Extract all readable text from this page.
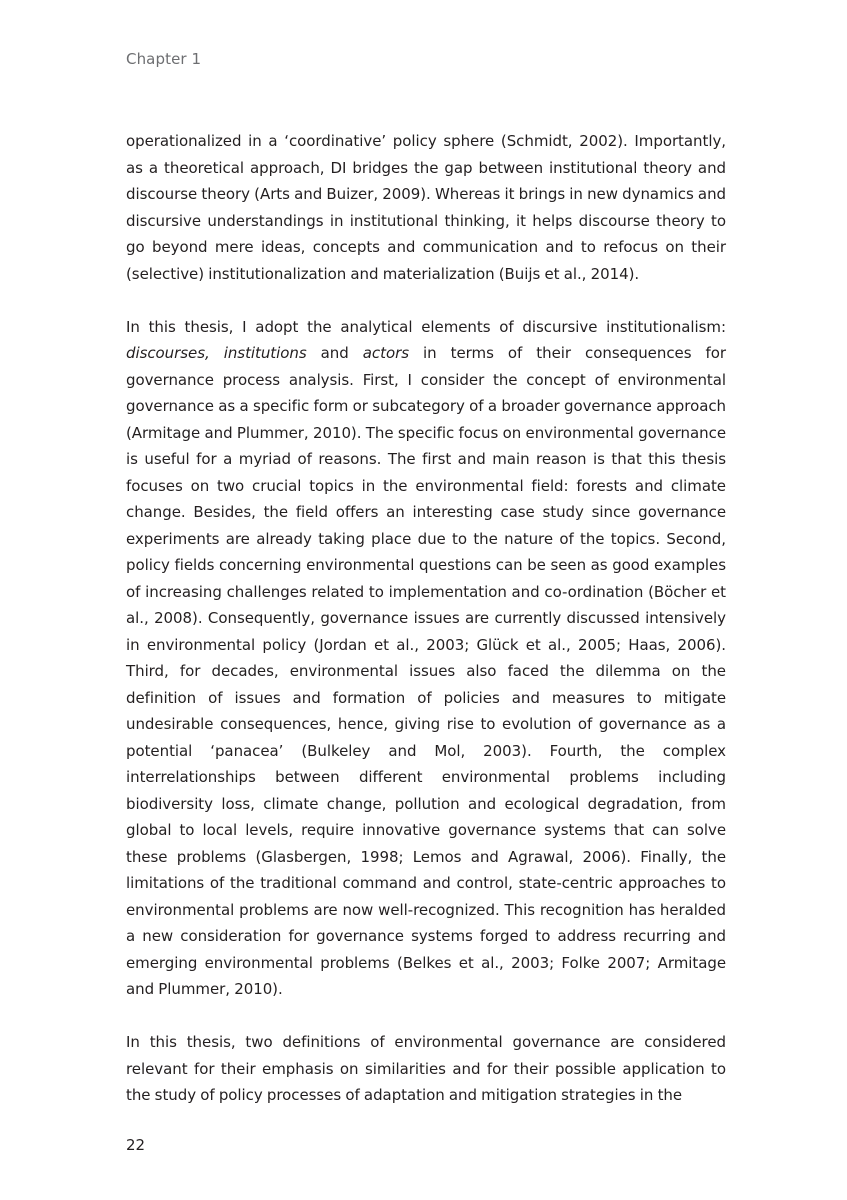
Chapter 1

operationalized in a ‘coordinative’ policy sphere (Schmidt, 2002). Importantly, as a theoretical approach, DI bridges the gap between institutional theory and discourse theory (Arts and Buizer, 2009). Whereas it brings in new dynamics and discursive understandings in institutional thinking, it helps discourse theory to go beyond mere ideas, concepts and communication and to refocus on their (selective) institutionalization and materialization (Buijs et al., 2014).

In this thesis, I adopt the analytical elements of discursive institutionalism: discourses, institutions and actors in terms of their consequences for governance process analysis. First, I consider the concept of environmental governance as a specific form or subcategory of a broader governance approach (Armitage and Plummer, 2010). The specific focus on environmental governance is useful for a myriad of reasons. The first and main reason is that this thesis focuses on two crucial topics in the environmental field: forests and climate change. Besides, the field offers an interesting case study since governance experiments are already taking place due to the nature of the topics. Second, policy fields concerning environmental questions can be seen as good examples of increasing challenges related to implementation and co-ordination (Böcher et al., 2008). Consequently, governance issues are currently discussed intensively in environmental policy (Jordan et al., 2003; Glück et al., 2005; Haas, 2006). Third, for decades, environmental issues also faced the dilemma on the definition of issues and formation of policies and measures to mitigate undesirable consequences, hence, giving rise to evolution of governance as a potential ‘panacea’ (Bulkeley and Mol, 2003). Fourth, the complex interrelationships between different environmental problems including biodiversity loss, climate change, pollution and ecological degradation, from global to local levels, require innovative governance systems that can solve these problems (Glasbergen, 1998; Lemos and Agrawal, 2006). Finally, the limitations of the traditional command and control, state-centric approaches to environmental problems are now well-recognized. This recognition has heralded a new consideration for governance systems forged to address recurring and emerging environmental problems (Belkes et al., 2003; Folke 2007; Armitage and Plummer, 2010).

In this thesis, two definitions of environmental governance are considered relevant for their emphasis on similarities and for their possible application to the study of policy processes of adaptation and mitigation strategies in the

22
